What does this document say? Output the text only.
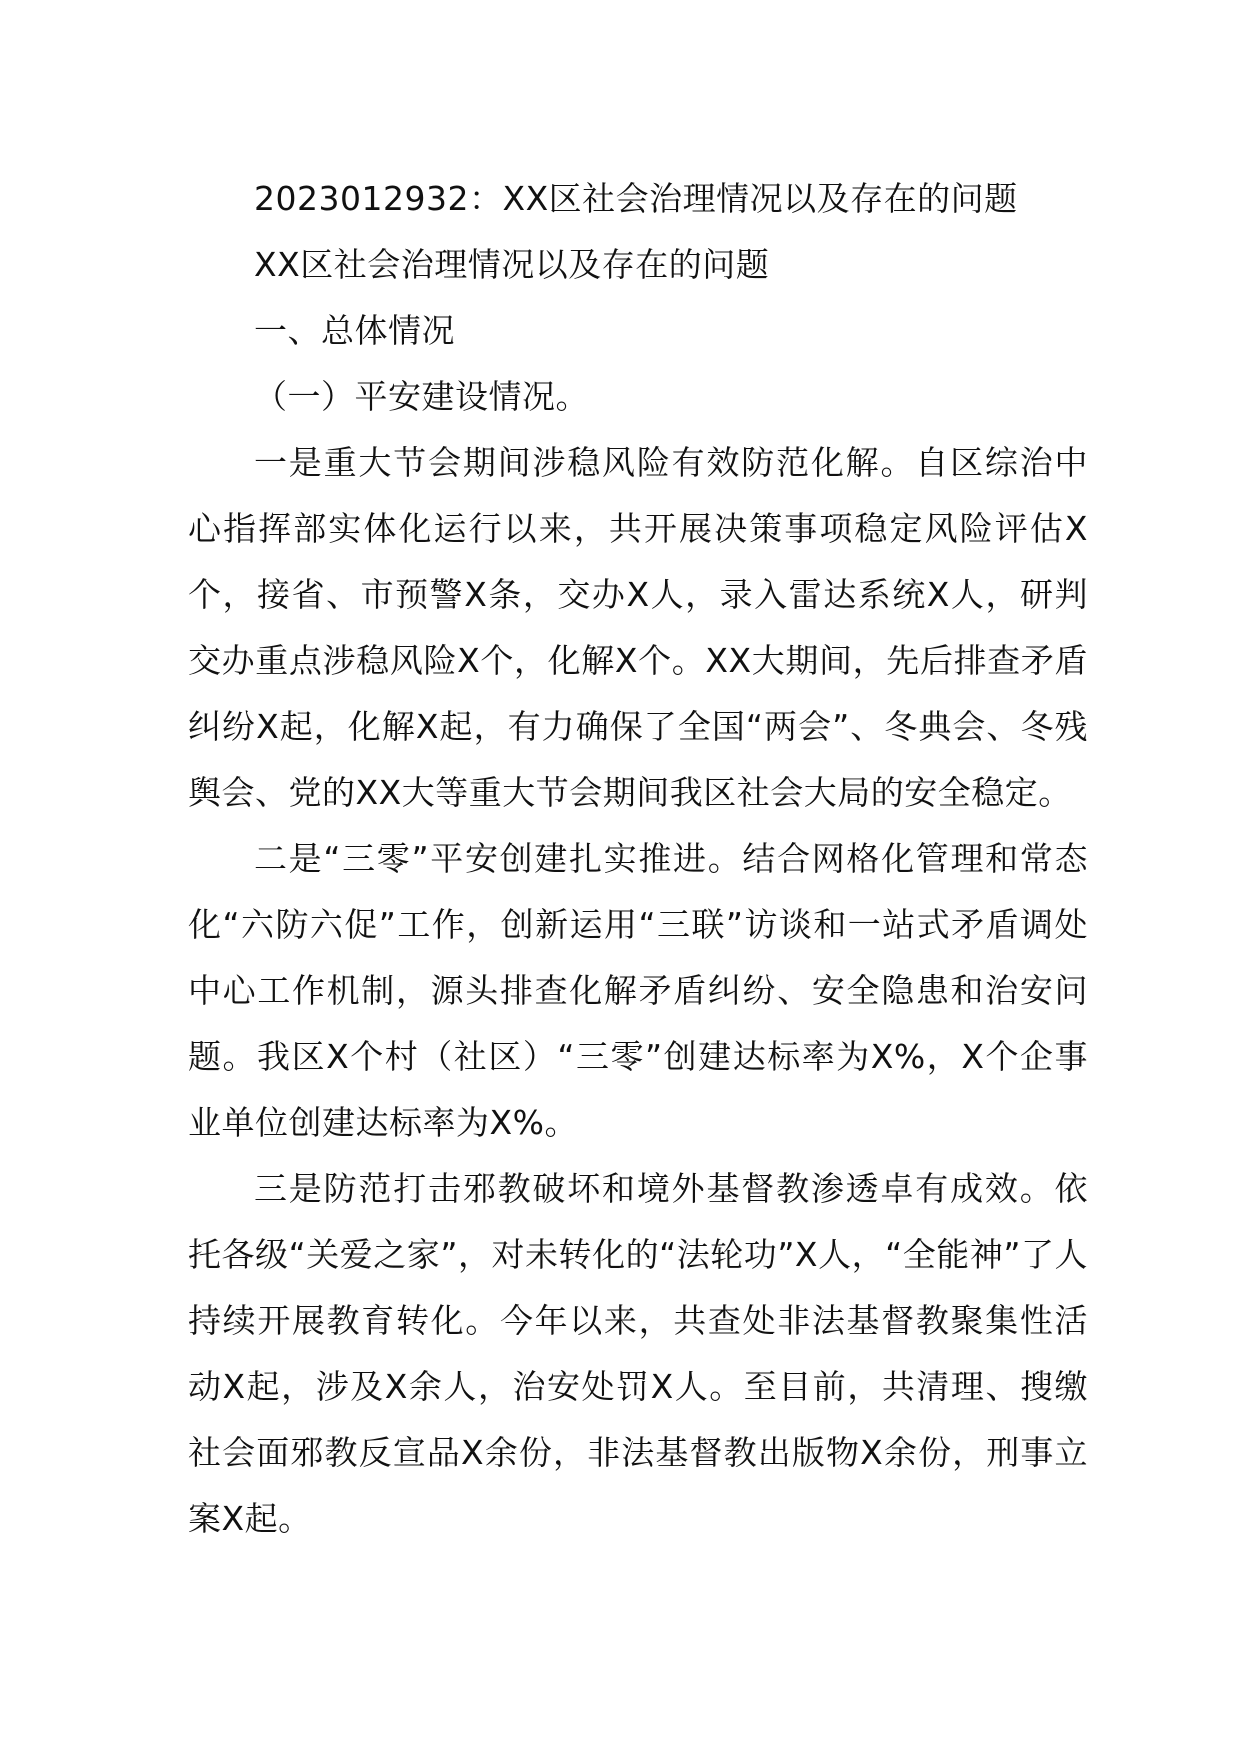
2023012932：XX区社会治理情况以及存在的问题

XX区社会治理情况以及存在的问题

一、总体情况

（一）平安建设情况。

一是重大节会期间涉稳风险有效防范化解。自区综治中心指挥部实体化运行以来，共开展决策事项稳定风险评估X个，接省、市预警X条，交办X人，录入雷达系统X人，研判交办重点涉稳风险X个，化解X个。XX大期间，先后排查矛盾纠纷X起，化解X起，有力确保了全国“两会”、冬典会、冬残舆会、党的XX大等重大节会期间我区社会大局的安全稳定。

二是“三零”平安创建扎实推进。结合网格化管理和常态化“六防六促”工作，创新运用“三联”访谈和一站式矛盾调处中心工作机制，源头排查化解矛盾纠纷、安全隐患和治安问题。我区X个村（社区）“三零”创建达标率为X%，X个企事业单位创建达标率为X%。

三是防范打击邪教破坏和境外基督教渗透卓有成效。依托各级“关爱之家”，对未转化的“法轮功”X人，“全能神”了人持续开展教育转化。今年以来，共查处非法基督教聚集性活动X起，涉及X余人，治安处罚X人。至目前，共清理、搜缴社会面邪教反宣品X余份，非法基督教出版物X余份，刑事立案X起。
